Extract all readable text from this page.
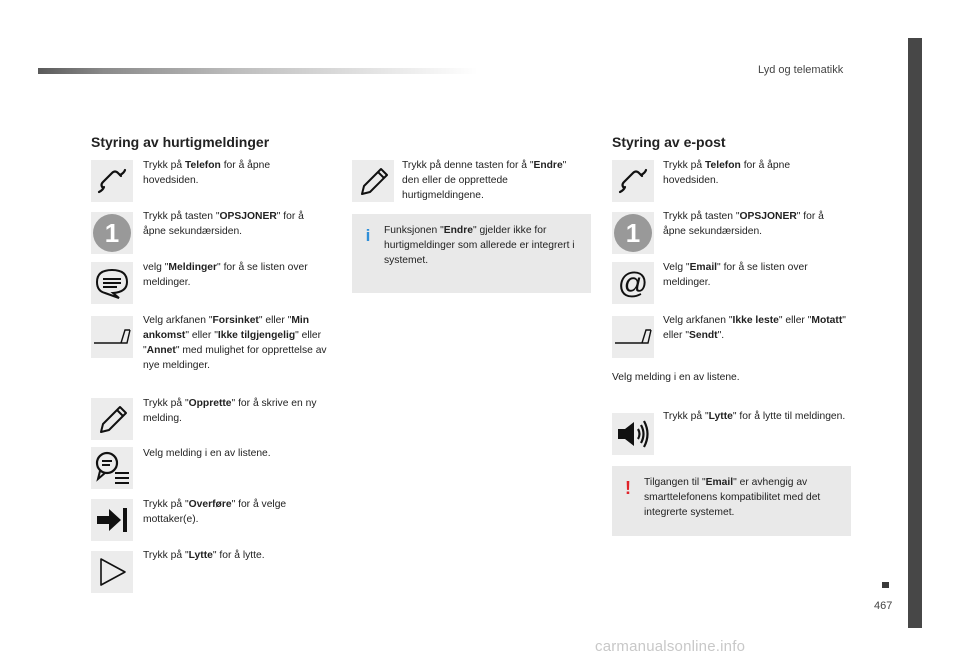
Lyd og telematikk
467
Styring av hurtigmeldinger	Styring av e-post
Trykk på Telefon for å åpne hovedsiden.
1
Trykk på tasten "OPSJONER" for å åpne sekundærsiden.
velg "Meldinger" for å se listen over meldinger.
Velg arkfanen "Forsinket" eller "Min ankomst" eller "Ikke tilgjengelig" eller "Annet" med mulighet for opprettelse av nye meldinger.
Trykk på "Opprette" for å skrive en ny melding.
Velg melding i en av listene.
Trykk på "Overføre" for å velge mottaker(e).
Trykk på "Lytte" for å lytte.
Trykk på denne tasten for å "Endre" den eller de opprettede hurtigmeldingene.
i Funksjonen "Endre" gjelder ikke for hurtigmeldinger som allerede er integrert i systemet.
Trykk på Telefon for å åpne hovedsiden.
1
Trykk på tasten "OPSJONER" for å åpne sekundærsiden.
@ Velg "Email" for å se listen over meldinger.
Velg arkfanen "Ikke leste" eller "Motatt" eller "Sendt".
Velg melding i en av listene.
Trykk på "Lytte" for å lytte til meldingen.
! Tilgangen til "Email" er avhengig av smarttelefonens kompatibilitet med det integrerte systemet.
carmanualsonline.info
